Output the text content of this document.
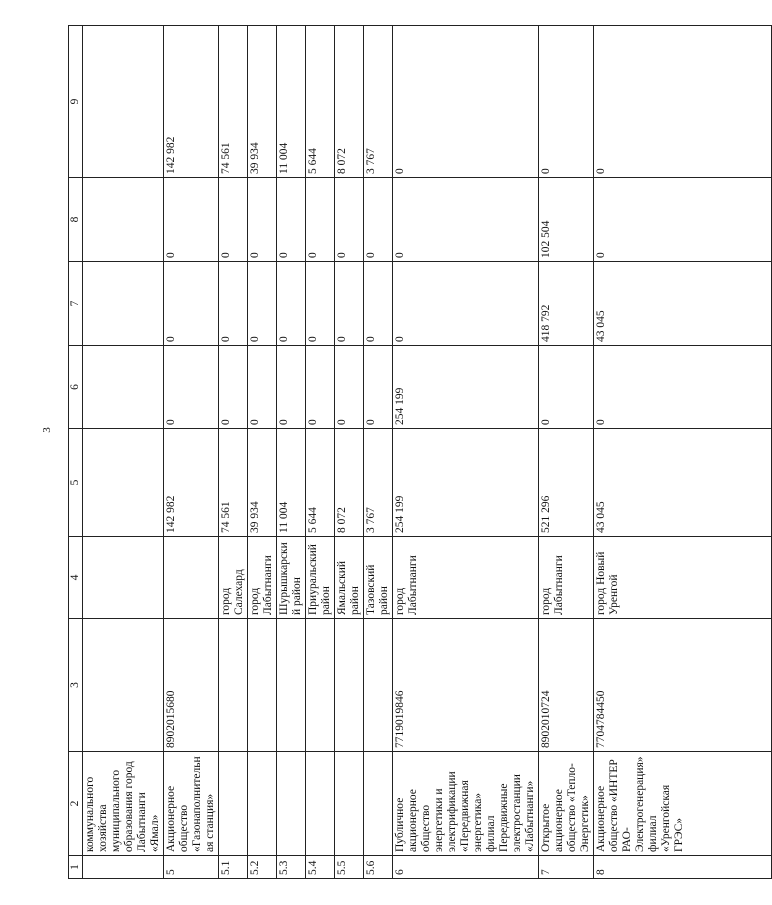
3
1	2	3	4	5	6	7	8	9
	коммунального хозяйства муниципального образования город Лабытнанги «Ямал»							
5	Акционерное общество «Газонаполнительная станция»	8902015680		142 982	0	0	0	142 982
5.1			город Салехард	74 561	0	0	0	74 561
5.2			город Лабытнанги	39 934	0	0	0	39 934
5.3			Шурышкарский район	11 004	0	0	0	11 004
5.4			Приуральский район	5 644	0	0	0	5 644
5.5			Ямальский район	8 072	0	0	0	8 072
5.6			Тазовский район	3 767	0	0	0	3 767
6	Публичное акционерное общество энергетики и электрификации «Передвижная энергетика» филиал Передвижные электростанции «Лабытнанги»	7719019846	город Лабытнанги	254 199	254 199	0	0	0
7	Открытое акционерное общество «Тепло-Энергетик»	8902010724	город Лабытнанги	521 296	0	418 792	102 504	0
8	Акционерное общество «ИНТЕР РАО-Электрогенерация» филиал «Уренгойская ГРЭС»	7704784450	город Новый Уренгой	43 045	0	43 045	0	0
